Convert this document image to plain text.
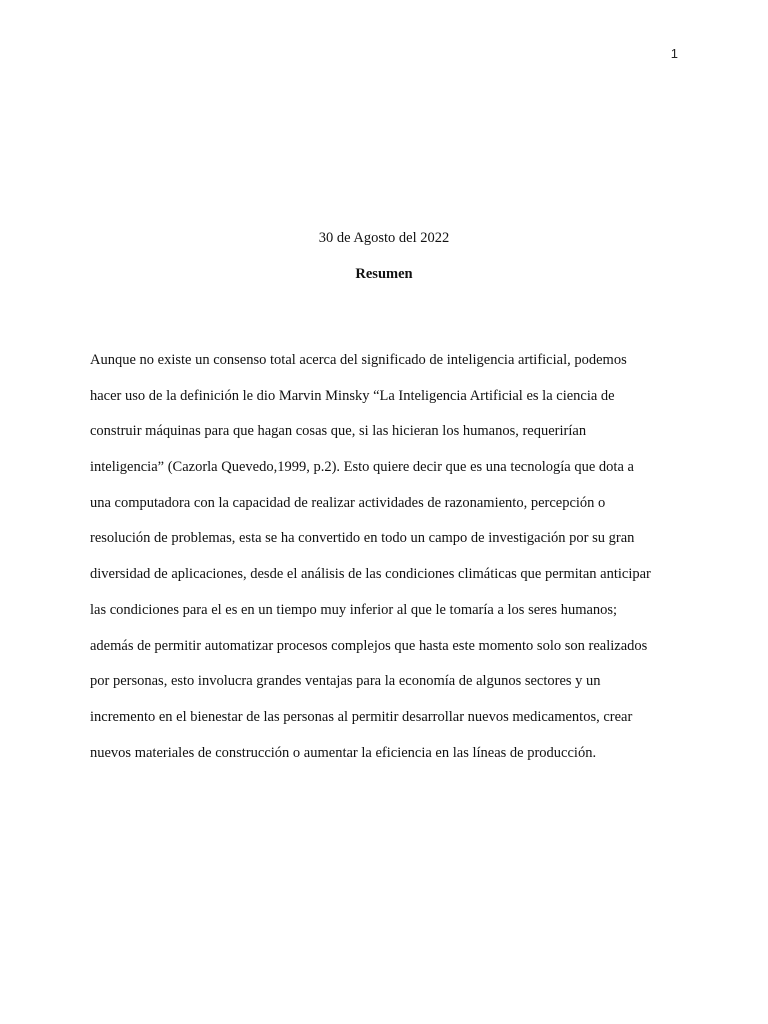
1
30 de Agosto del 2022
Resumen
Aunque no existe un consenso total acerca del significado de inteligencia artificial, podemos
hacer uso de la definición le dio Marvin Minsky “La Inteligencia Artificial es la ciencia de
construir máquinas para que hagan cosas que, si las hicieran los humanos, requerirían
inteligencia” (Cazorla Quevedo,1999, p.2). Esto quiere decir que es una tecnología que dota a
una computadora con la capacidad de realizar actividades de razonamiento, percepción o
resolución de problemas, esta se ha convertido en todo un campo de investigación por su gran
diversidad de aplicaciones, desde el análisis de las condiciones climáticas que permitan anticipar
las condiciones para el es en un tiempo muy inferior al que le tomaría a los seres humanos;
además de permitir automatizar procesos complejos que hasta este momento solo son realizados
por personas, esto involucra grandes ventajas para la economía de algunos sectores y un
incremento en el bienestar de las personas al permitir desarrollar nuevos medicamentos, crear
nuevos materiales de construcción o aumentar la eficiencia en las líneas de producción.
